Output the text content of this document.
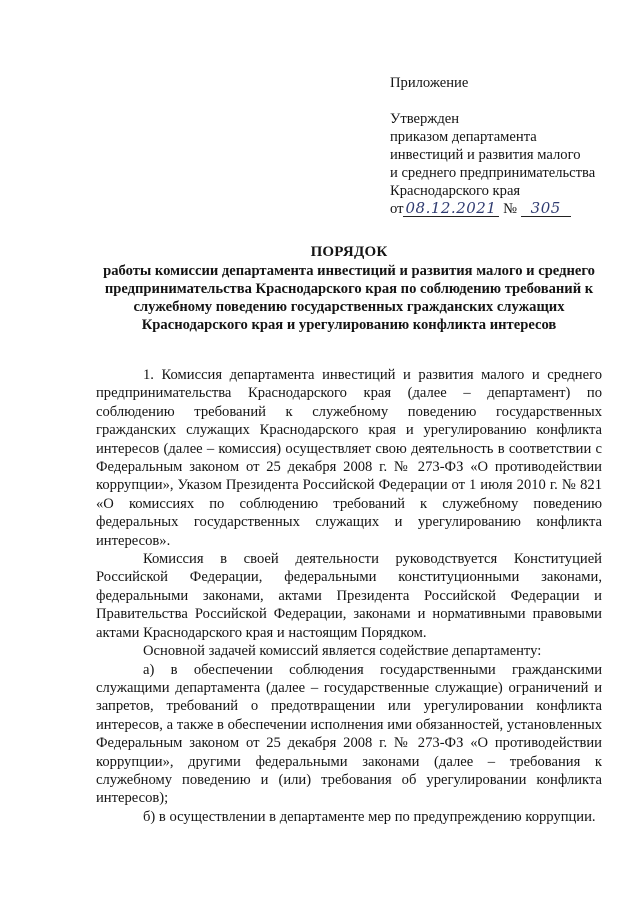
Приложение
Утвержден
приказом департамента
инвестиций и развития малого
и среднего предпринимательства
Краснодарского края
от 08.12.2021 № 305
ПОРЯДОК
работы комиссии департамента инвестиций и развития малого и среднего предпринимательства Краснодарского края по соблюдению требований к служебному поведению государственных гражданских служащих Краснодарского края и урегулированию конфликта интересов

1. Комиссия департамента инвестиций и развития малого и среднего предпринимательства Краснодарского края (далее – департамент) по соблюдению требований к служебному поведению государственных гражданских служащих Краснодарского края и урегулированию конфликта интересов (далее – комиссия) осуществляет свою деятельность в соответствии с Федеральным законом от 25 декабря 2008 г. № 273-ФЗ «О противодействии коррупции», Указом Президента Российской Федерации от 1 июля 2010 г. № 821 «О комиссиях по соблюдению требований к служебному поведению федеральных государственных служащих и урегулированию конфликта интересов».

Комиссия в своей деятельности руководствуется Конституцией Российской Федерации, федеральными конституционными законами, федеральными законами, актами Президента Российской Федерации и Правительства Российской Федерации, законами и нормативными правовыми актами Краснодарского края и настоящим Порядком.

Основной задачей комиссий является содействие департаменту:

а) в обеспечении соблюдения государственными гражданскими служащими департамента (далее – государственные служащие) ограничений и запретов, требований о предотвращении или урегулировании конфликта интересов, а также в обеспечении исполнения ими обязанностей, установленных Федеральным законом от 25 декабря 2008 г. № 273-ФЗ «О противодействии коррупции», другими федеральными законами (далее – требования к служебному поведению и (или) требования об урегулировании конфликта интересов);

б) в осуществлении в департаменте мер по предупреждению коррупции.
